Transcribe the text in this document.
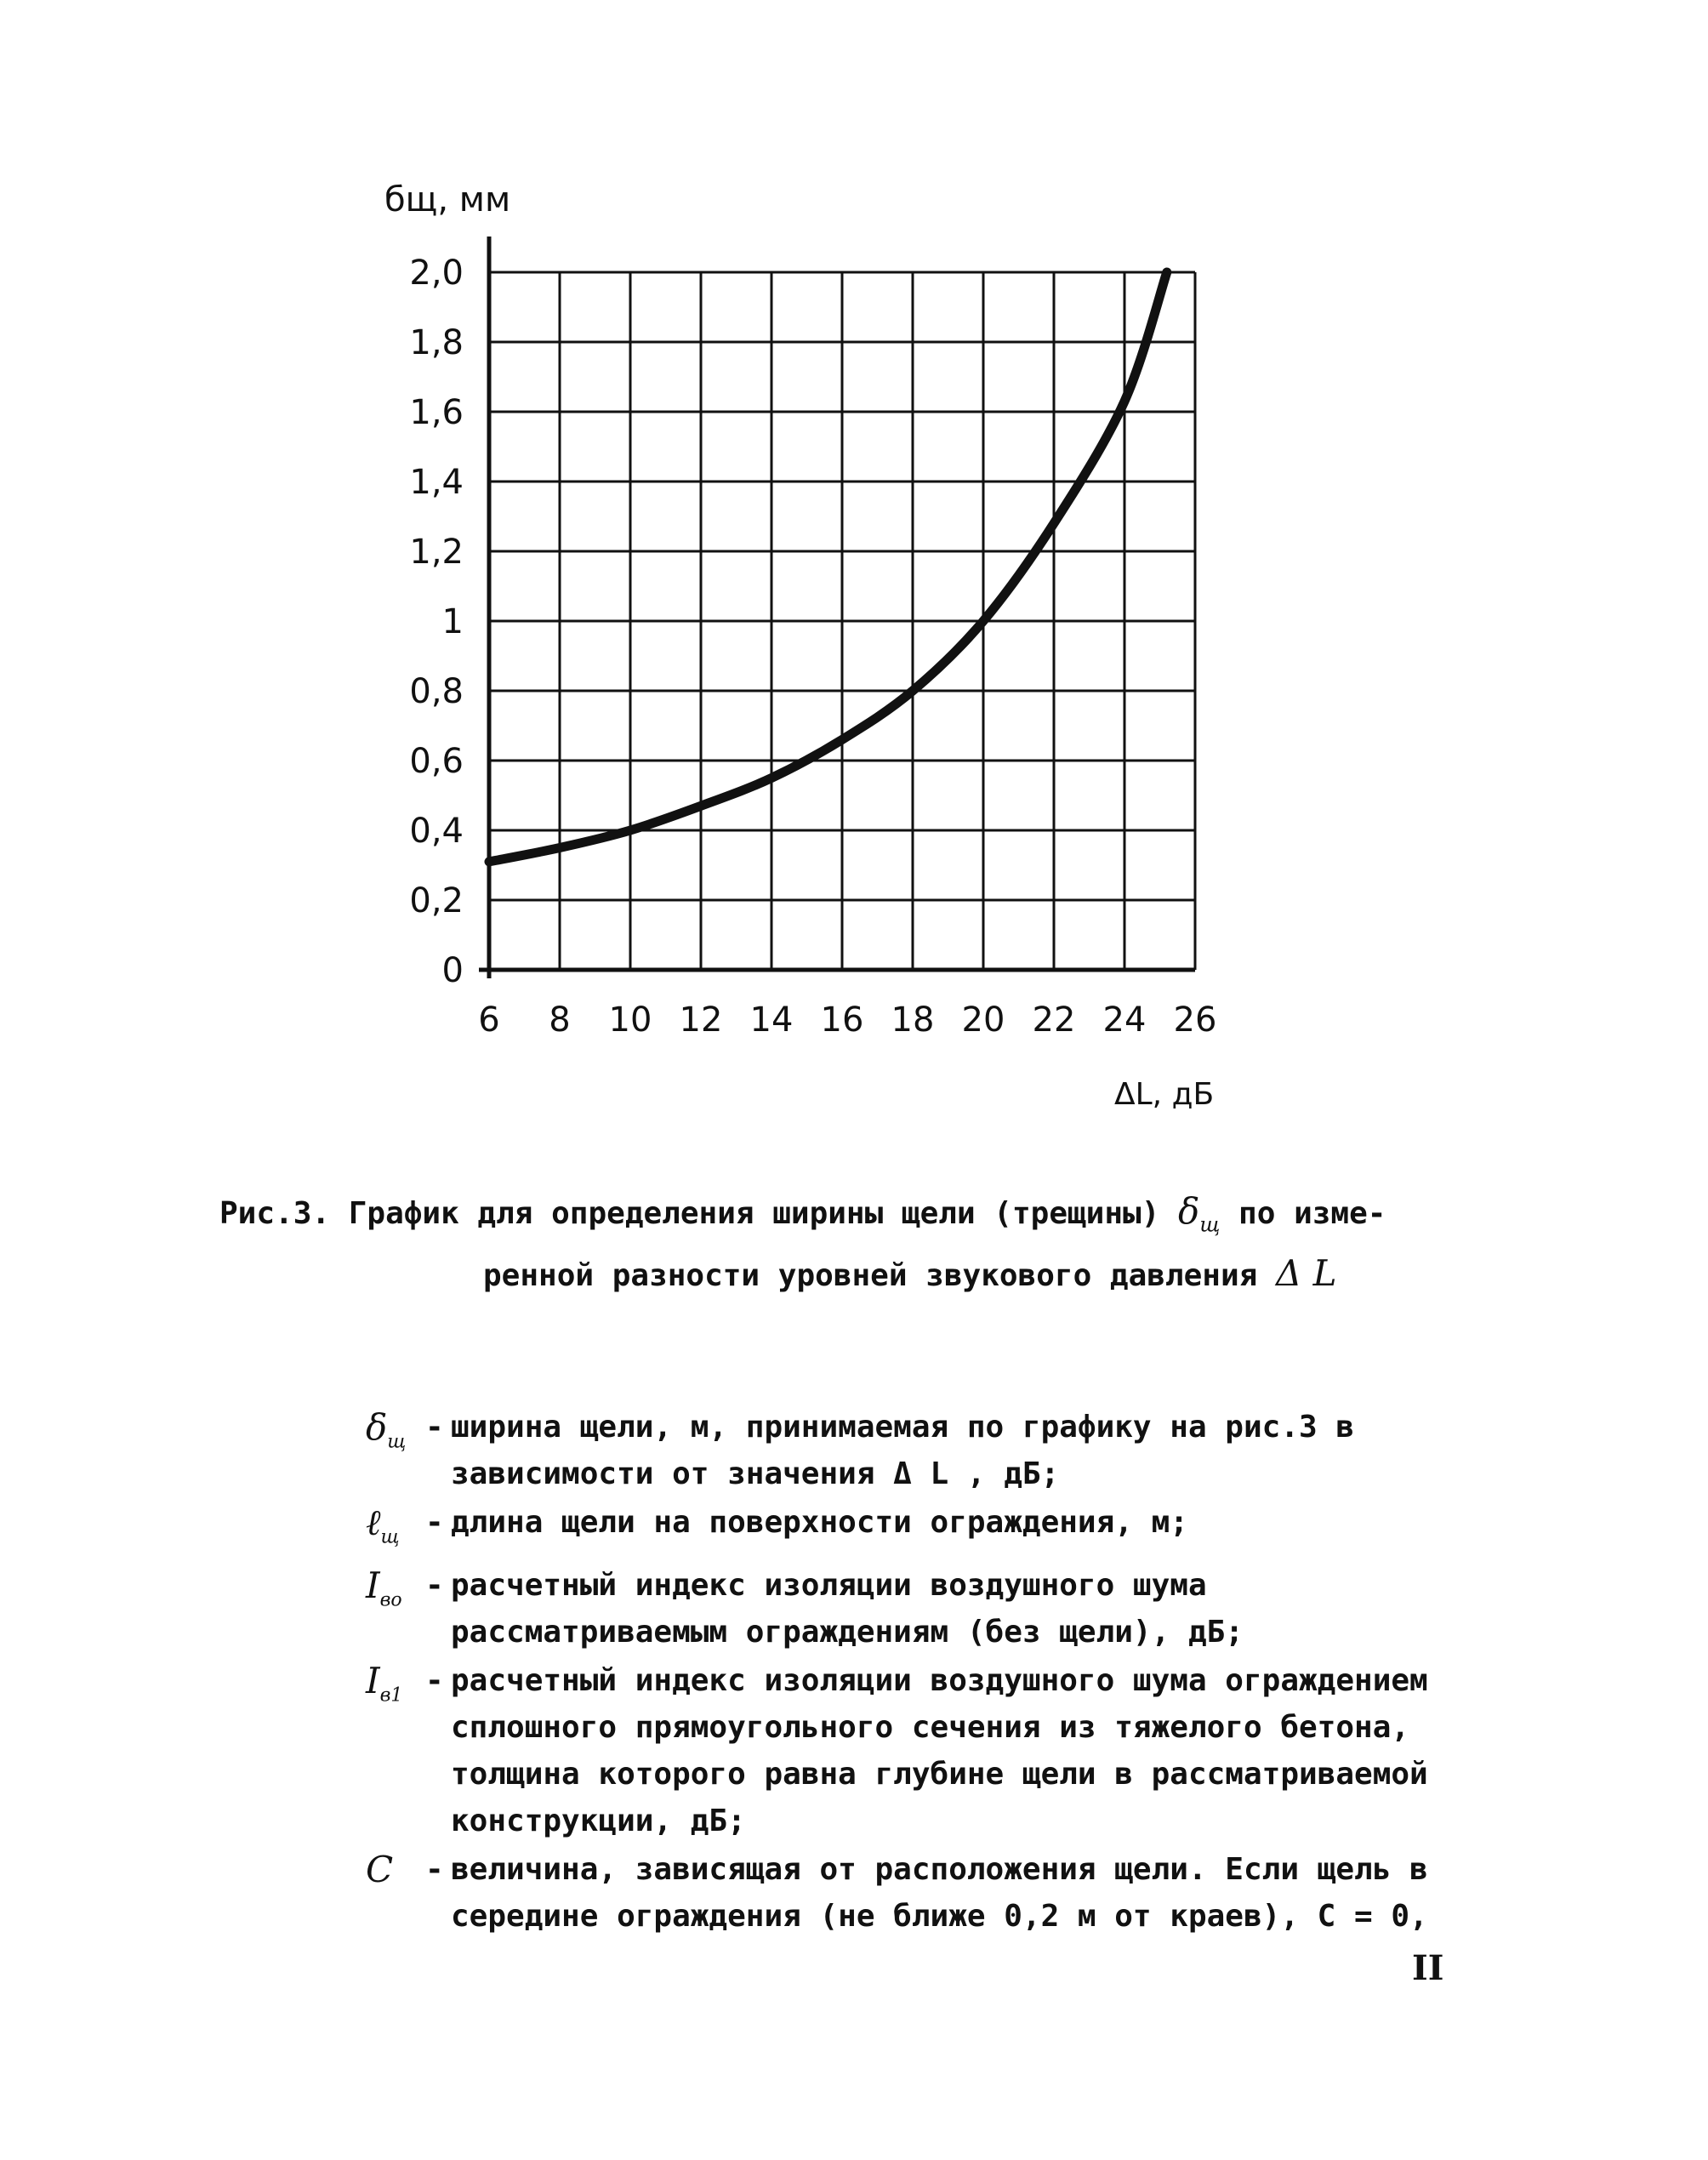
6 8 10 12 14 16 18 20 22 24 26
0
0,2
0,4
0,6
0,8
1
1,2
1,4
1,6
1,8
2,0
бщ, мм
ΔL, дБ
Рис.3. График для определения ширины щели (трещины) $\delta_щ$ по изме-
ренной разности уровней звукового давления Δ L
$\delta_щ$ - ширина щели, м, принимаемая по графику на рис.3 в зависимости от значения Δ L , дБ;
ℓ$_щ$ - длина щели на поверхности ограждения, м;
$I_{во}$ - расчетный индекс изоляции воздушного шума рассматриваемым ограждениям (без щели), дБ;
$I_{в1}$ - расчетный индекс изоляции воздушного шума ограждением сплошного прямоугольного сечения из тяжелого бетона, толщина которого равна глубине щели в рассматриваемой конструкции, дБ;
C	- величина, зависящая от расположения щели. Если щель в середине ограждения (не ближе 0,2 м от краев), C = 0,
II
